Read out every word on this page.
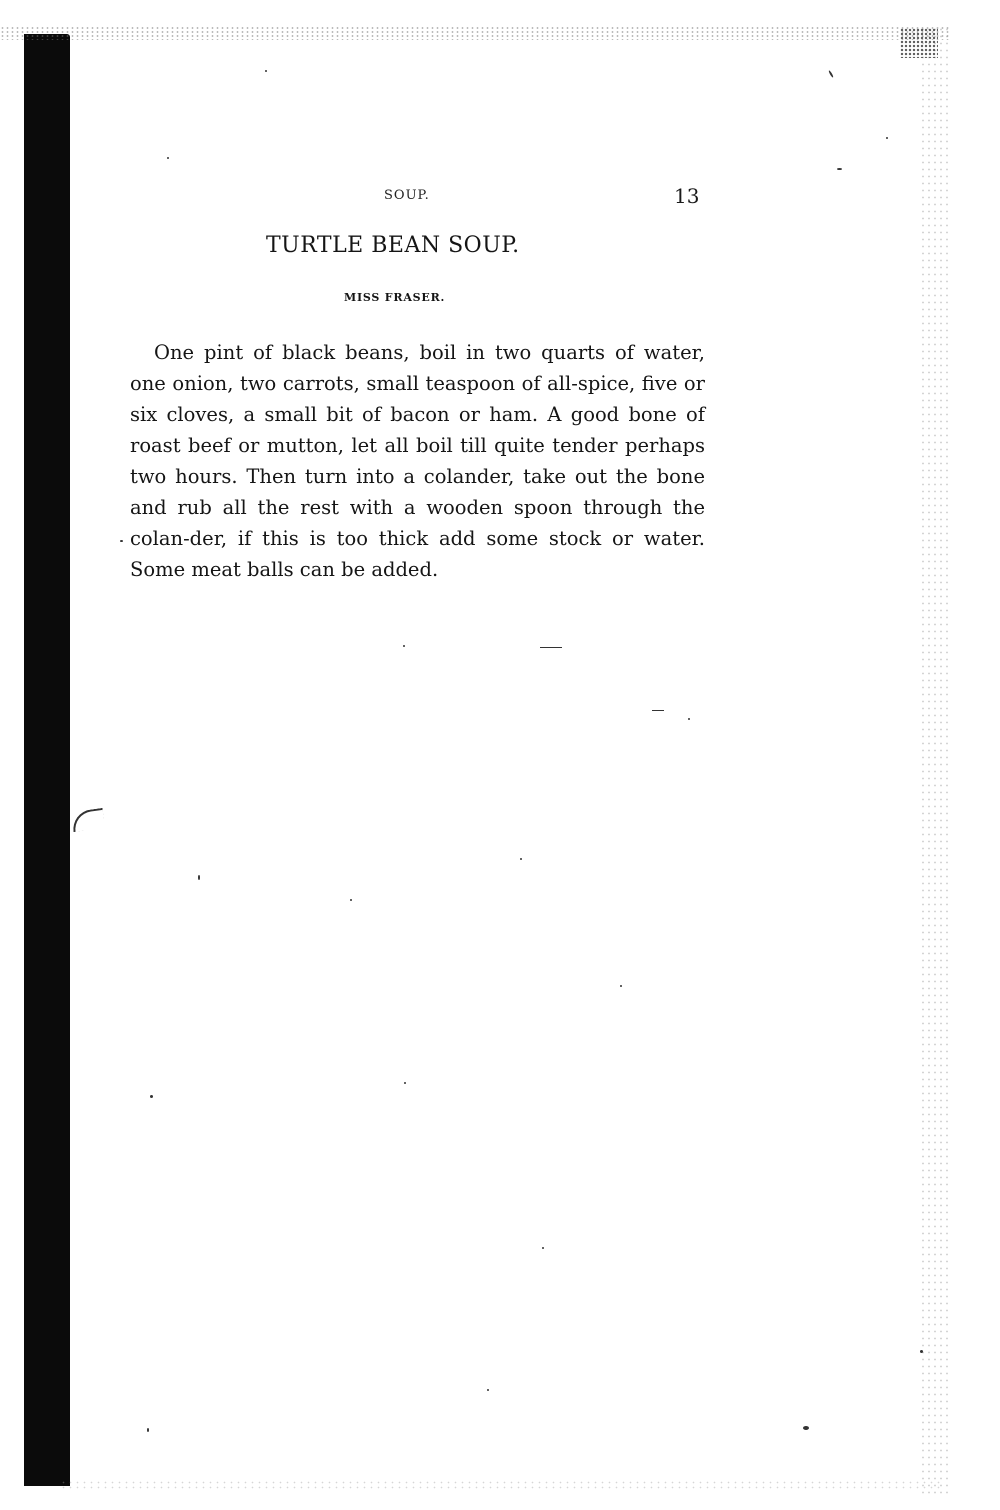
SOUP.	13
TURTLE BEAN SOUP.
MISS FRASER.

One pint of black beans, boil in two quarts of water, one onion, two carrots, small teaspoon of all-spice, five or six cloves, a small bit of bacon or ham. A good bone of roast beef or mutton, let all boil till quite tender perhaps two hours. Then turn into a colander, take out the bone and rub all the rest with a wooden spoon through the colan-der, if this is too thick add some stock or water. Some meat balls can be added.
